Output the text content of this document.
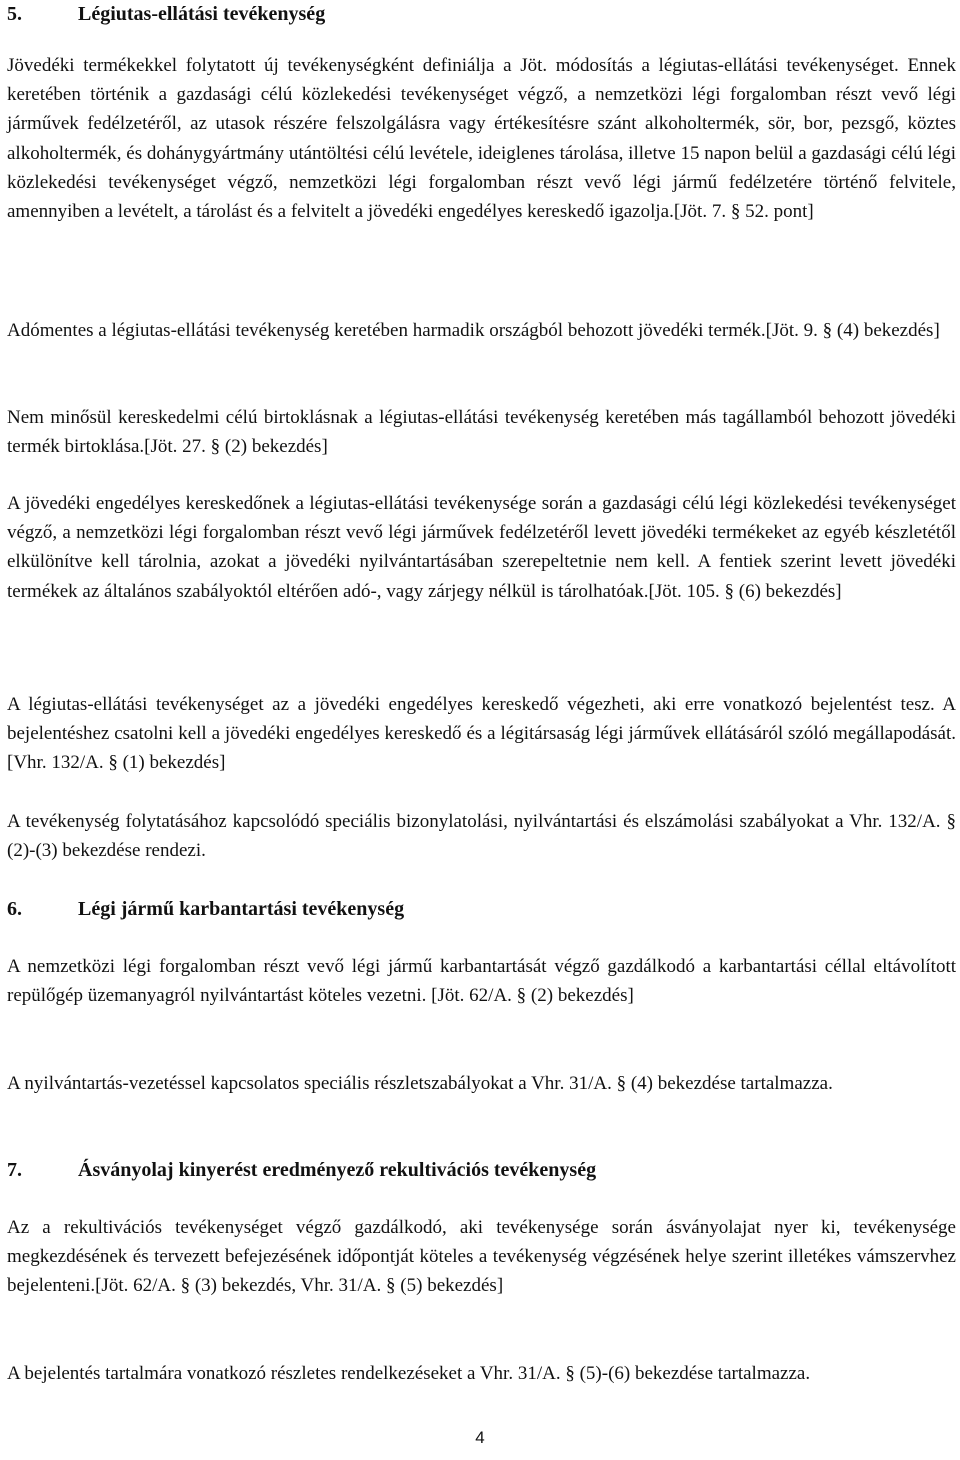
5.	Légiutas-ellátási tevékenység

Jövedéki termékekkel folytatott új tevékenységként definiálja a Jöt. módosítás a légiutas-ellátási tevékenységet. Ennek keretében történik a gazdasági célú közlekedési tevékenységet végző, a nemzetközi légi forgalomban részt vevő légi járművek fedélzetéről, az utasok részére felszolgálásra vagy értékesítésre szánt alkoholtermék, sör, bor, pezsgő, köztes alkoholtermék, és dohánygyártmány utántöltési célú levétele, ideiglenes tárolása, illetve 15 napon belül a gazdasági célú légi közlekedési tevékenységet végző, nemzetközi légi forgalomban részt vevő légi jármű fedélzetére történő felvitele, amennyiben a levételt, a tárolást és a felvitelt a jövedéki engedélyes kereskedő igazolja.[Jöt. 7. § 52. pont]

Adómentes a légiutas-ellátási tevékenység keretében harmadik országból behozott jövedéki termék.[Jöt. 9. § (4) bekezdés]

Nem minősül kereskedelmi célú birtoklásnak a légiutas-ellátási tevékenység keretében más tagállamból behozott jövedéki termék birtoklása.[Jöt. 27. § (2) bekezdés]

A jövedéki engedélyes kereskedőnek a légiutas-ellátási tevékenysége során a gazdasági célú légi közlekedési tevékenységet végző, a nemzetközi légi forgalomban részt vevő légi járművek fedélzetéről levett jövedéki termékeket az egyéb készletétől elkülönítve kell tárolnia, azokat a jövedéki nyilvántartásában szerepeltetnie nem kell. A fentiek szerint levett jövedéki termékek az általános szabályoktól eltérően adó-, vagy zárjegy nélkül is tárolhatóak.[Jöt. 105. § (6) bekezdés]

A légiutas-ellátási tevékenységet az a jövedéki engedélyes kereskedő végezheti, aki erre vonatkozó bejelentést tesz. A bejelentéshez csatolni kell a jövedéki engedélyes kereskedő és a légitársaság légi járművek ellátásáról szóló megállapodását.[Vhr. 132/A. § (1) bekezdés]

A tevékenység folytatásához kapcsolódó speciális bizonylatolási, nyilvántartási és elszámolási szabályokat a Vhr. 132/A. § (2)-(3) bekezdése rendezi.

6.	Légi jármű karbantartási tevékenység

A nemzetközi légi forgalomban részt vevő légi jármű karbantartását végző gazdálkodó a karbantartási céllal eltávolított repülőgép üzemanyagról nyilvántartást köteles vezetni. [Jöt. 62/A. § (2) bekezdés]

A nyilvántartás-vezetéssel kapcsolatos speciális részletszabályokat a Vhr. 31/A. § (4) bekezdése tartalmazza.

7.	Ásványolaj kinyerést eredményező rekultivációs tevékenység

Az a rekultivációs tevékenységet végző gazdálkodó, aki tevékenysége során ásványolajat nyer ki, tevékenysége megkezdésének és tervezett befejezésének időpontját köteles a tevékenység végzésének helye szerint illetékes vámszervhez bejelenteni.[Jöt. 62/A. § (3) bekezdés, Vhr. 31/A. § (5) bekezdés]

A bejelentés tartalmára vonatkozó részletes rendelkezéseket a Vhr. 31/A. § (5)-(6) bekezdése tartalmazza.

4
